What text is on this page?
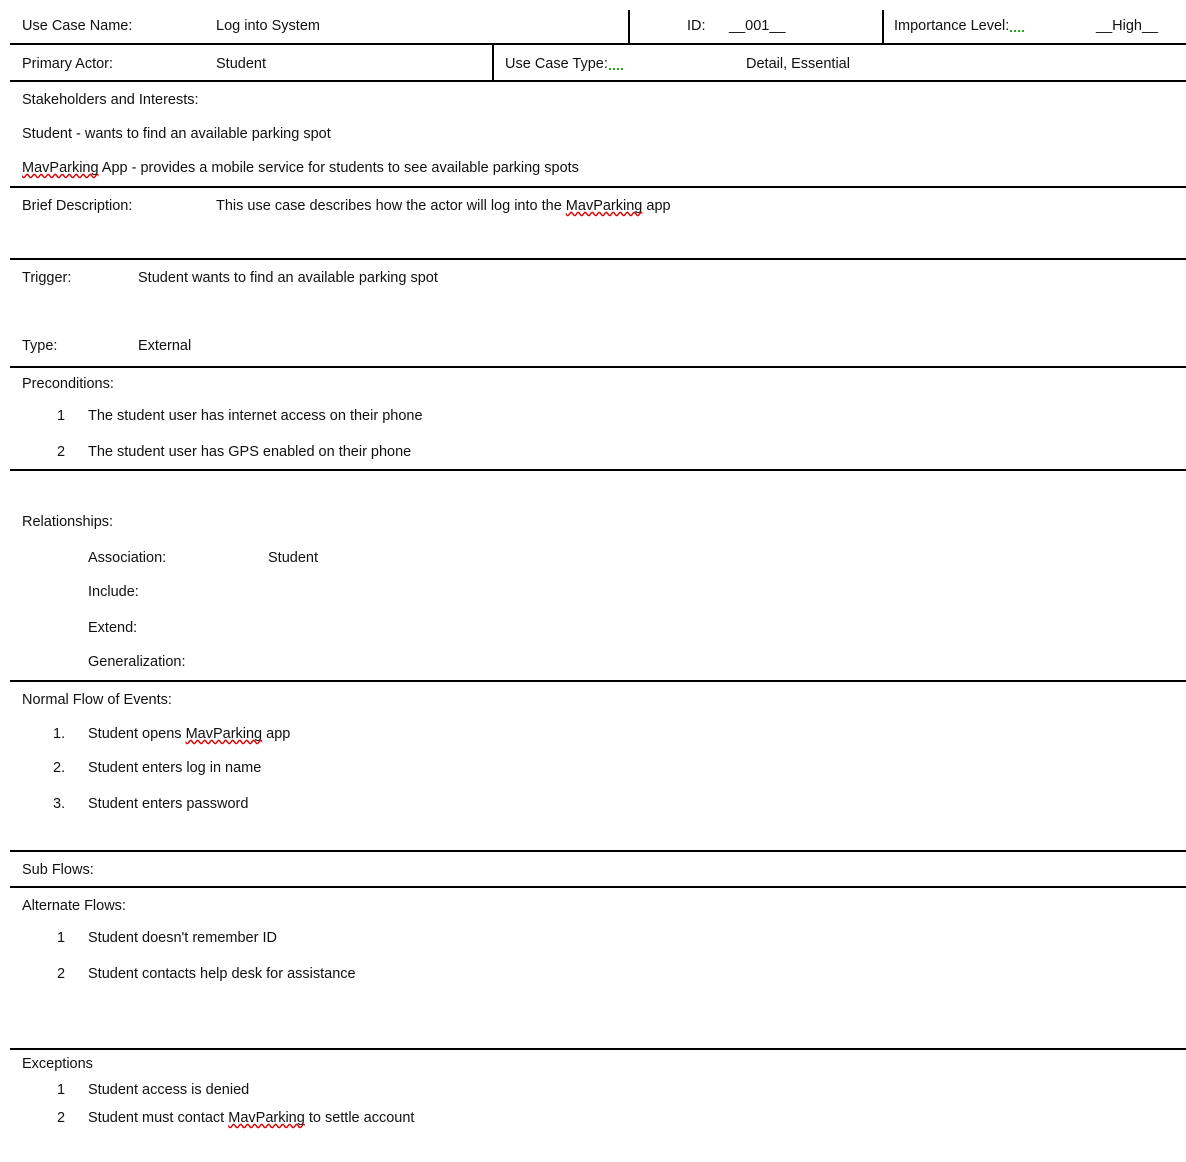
Use Case Name:	Log into System	ID: __001__	Importance Level:	__High__
Primary Actor:	Student	Use Case Type:	Detail, Essential
Stakeholders and Interests:
Student - wants to find an available parking spot
MavParking App - provides a mobile service for students to see available parking spots
Brief Description:	This use case describes how the actor will log into the MavParking app
Trigger:	Student wants to find an available parking spot
Type:	External
Preconditions:
1 The student user has internet access on their phone
2 The student user has GPS enabled on their phone
Relationships:
Association:	Student
Include:
Extend:
Generalization:
Normal Flow of Events:
1. Student opens MavParking app
2. Student enters log in name
3. Student enters password
Sub Flows:
Alternate Flows:
1 Student doesn't remember ID
2 Student contacts help desk for assistance
Exceptions
1 Student access is denied
2 Student must contact MavParking to settle account
